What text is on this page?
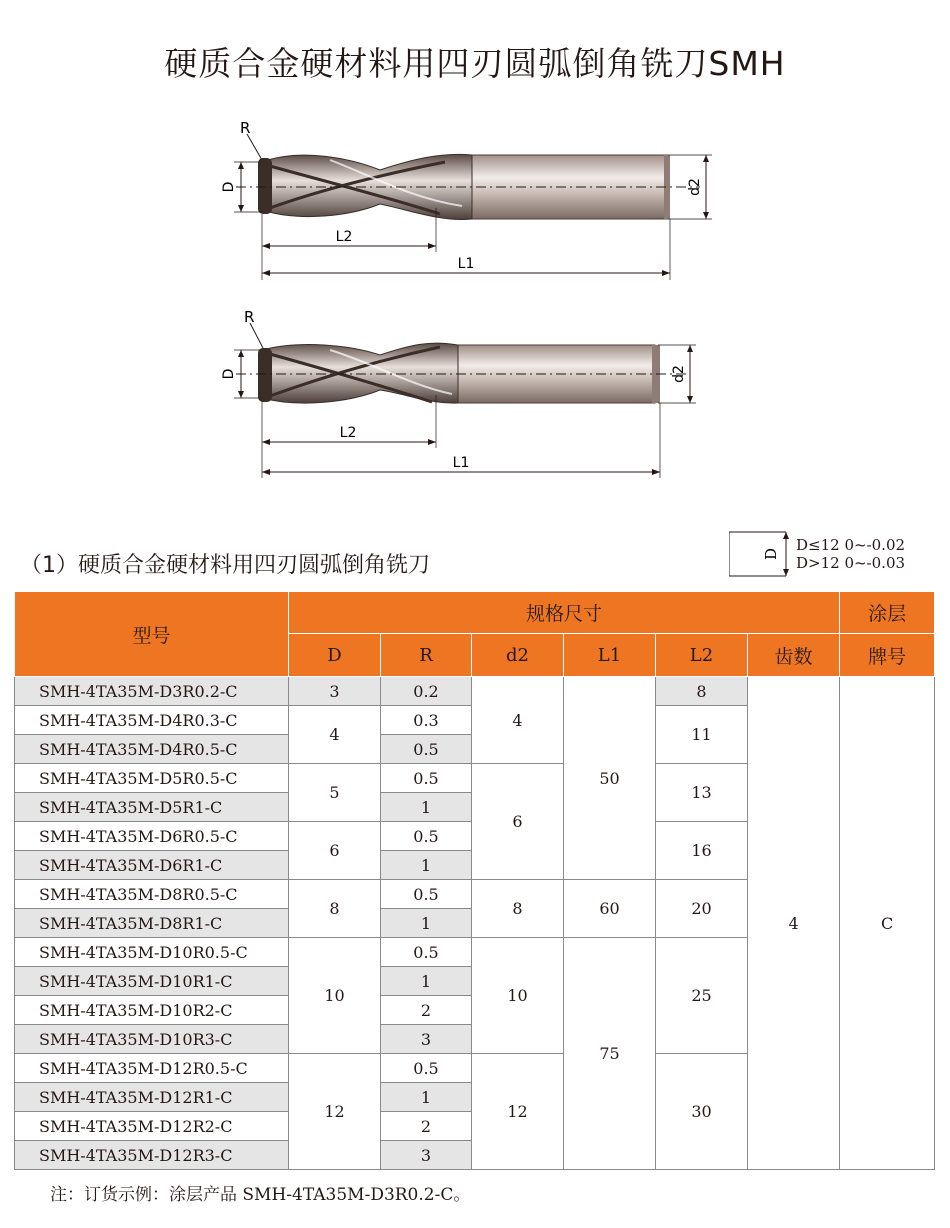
硬质合金硬材料用四刃圆弧倒角铣刀SMH
D	d2
R
L2
L1
D	d2
R
L2
L1
（1）硬质合金硬材料用四刃圆弧倒角铣刀	D D≤12 0~-0.02
D>12 0~-0.03
型号	规格尺寸						涂层
	D	R	d2	L1	L2	齿数	牌号
SMH-4TA35M-D3R0.2-C	3	0.2	4	50	8	4	C
SMH-4TA35M-D4R0.3-C	4	0.3			11		
SMH-4TA35M-D4R0.5-C		0.5					
SMH-4TA35M-D5R0.5-C	5	0.5	6		13		
SMH-4TA35M-D5R1-C		1					
SMH-4TA35M-D6R0.5-C	6	0.5			16		
SMH-4TA35M-D6R1-C		1					
SMH-4TA35M-D8R0.5-C	8	0.5	8	60	20		
SMH-4TA35M-D8R1-C		1					
SMH-4TA35M-D10R0.5-C	10	0.5	10	75	25		
SMH-4TA35M-D10R1-C		1					
SMH-4TA35M-D10R2-C		2					
SMH-4TA35M-D10R3-C		3					
SMH-4TA35M-D12R0.5-C	12	0.5	12		30		
SMH-4TA35M-D12R1-C		1					
SMH-4TA35M-D12R2-C		2					
SMH-4TA35M-D12R3-C		3					
注：订货示例：涂层产品 SMH-4TA35M-D3R0.2-C。
